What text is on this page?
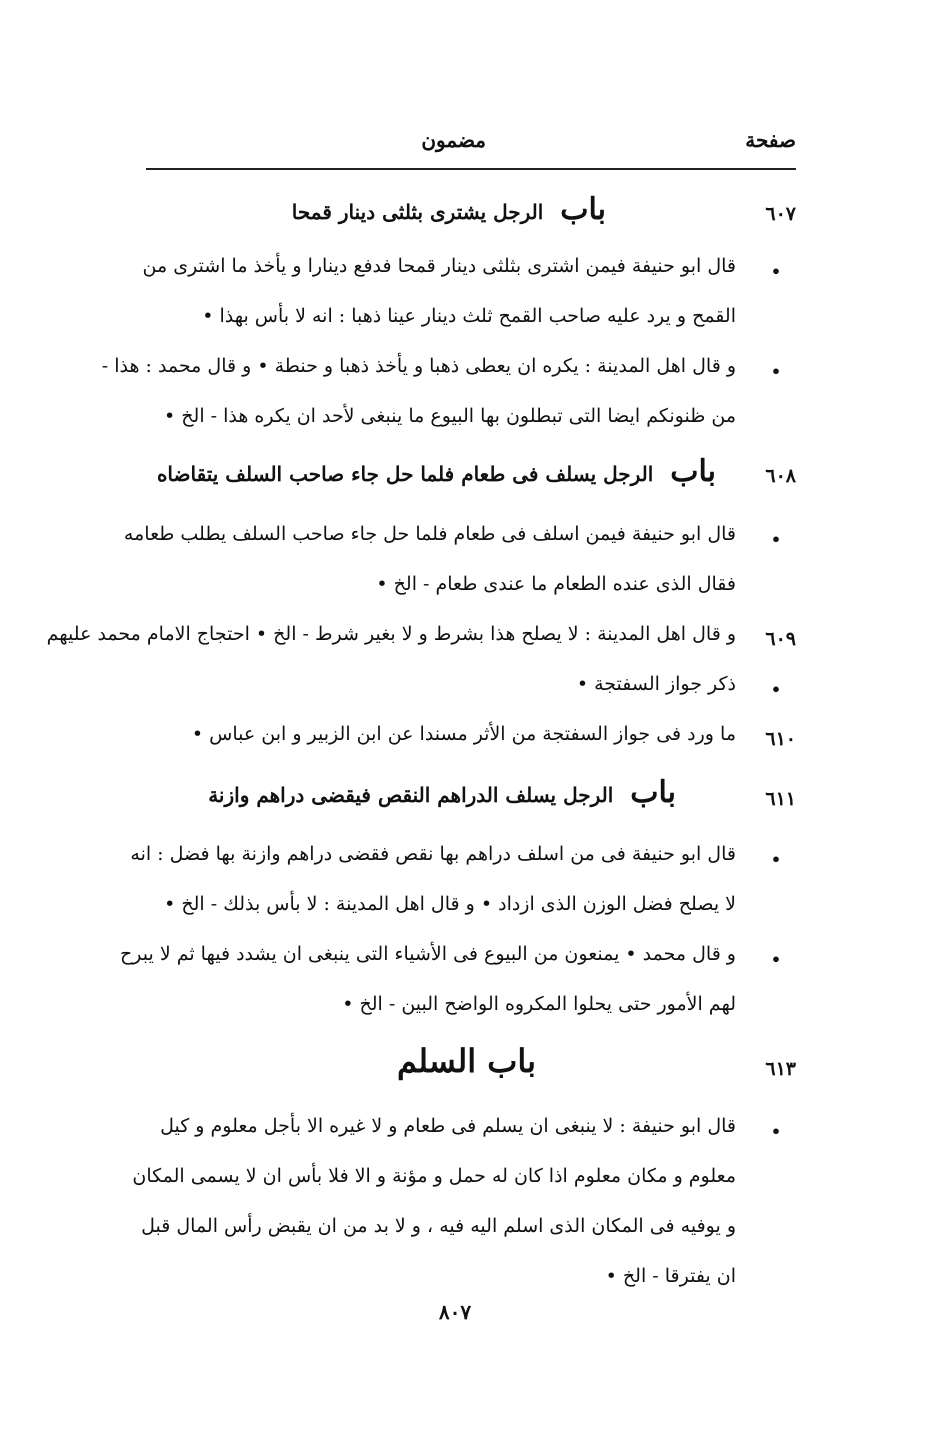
صفحة
مضمون
٦٠٧
باب الرجل يشترى بثلثى دينار قمحا
•
قال ابو حنيفة فيمن اشترى بثلثى دينار قمحا فدفع دينارا و يأخذ ما اشترى من
القمح و يرد عليه صاحب القمح ثلث دينار عينا ذهبا : انه لا بأس بهذا •
•
و قال اهل المدينة : يكره ان يعطى ذهبا و يأخذ ذهبا و حنطة • و قال محمد : هذا -
من ظنونكم ايضا التى تبطلون بها البيوع ما ينبغى لأحد ان يكره هذا - الخ •
٦٠٨
باب الرجل يسلف فى طعام فلما حل جاء صاحب السلف يتقاضاه
•
قال ابو حنيفة فيمن اسلف فى طعام فلما حل جاء صاحب السلف يطلب طعامه
فقال الذى عنده الطعام ما عندى طعام - الخ •
٦٠٩
و قال اهل المدينة : لا يصلح هذا بشرط و لا بغير شرط - الخ • احتجاج الامام محمد عليهم
•
ذكر جواز السفتجة •
٦١٠
ما ورد فى جواز السفتجة من الأثر مسندا عن ابن الزبير و ابن عباس •
٦١١
باب الرجل يسلف الدراهم النقص فيقضى دراهم وازنة
•
قال ابو حنيفة فى من اسلف دراهم بها نقص فقضى دراهم وازنة بها فضل : انه
لا يصلح فضل الوزن الذى ازداد • و قال اهل المدينة : لا بأس بذلك - الخ •
•
و قال محمد • يمنعون من البيوع فى الأشياء التى ينبغى ان يشدد فيها ثم لا يبرح
لهم الأمور حتى يحلوا المكروه الواضح البين - الخ •
٦١٣
باب السلم
•
قال ابو حنيفة : لا ينبغى ان يسلم فى طعام و لا غيره الا بأجل معلوم و كيل
معلوم و مكان معلوم اذا كان له حمل و مؤنة و الا فلا بأس ان لا يسمى المكان
و يوفيه فى المكان الذى اسلم اليه فيه ، و لا بد من ان يقبض رأس المال قبل
ان يفترقا - الخ •
٨٠٧
